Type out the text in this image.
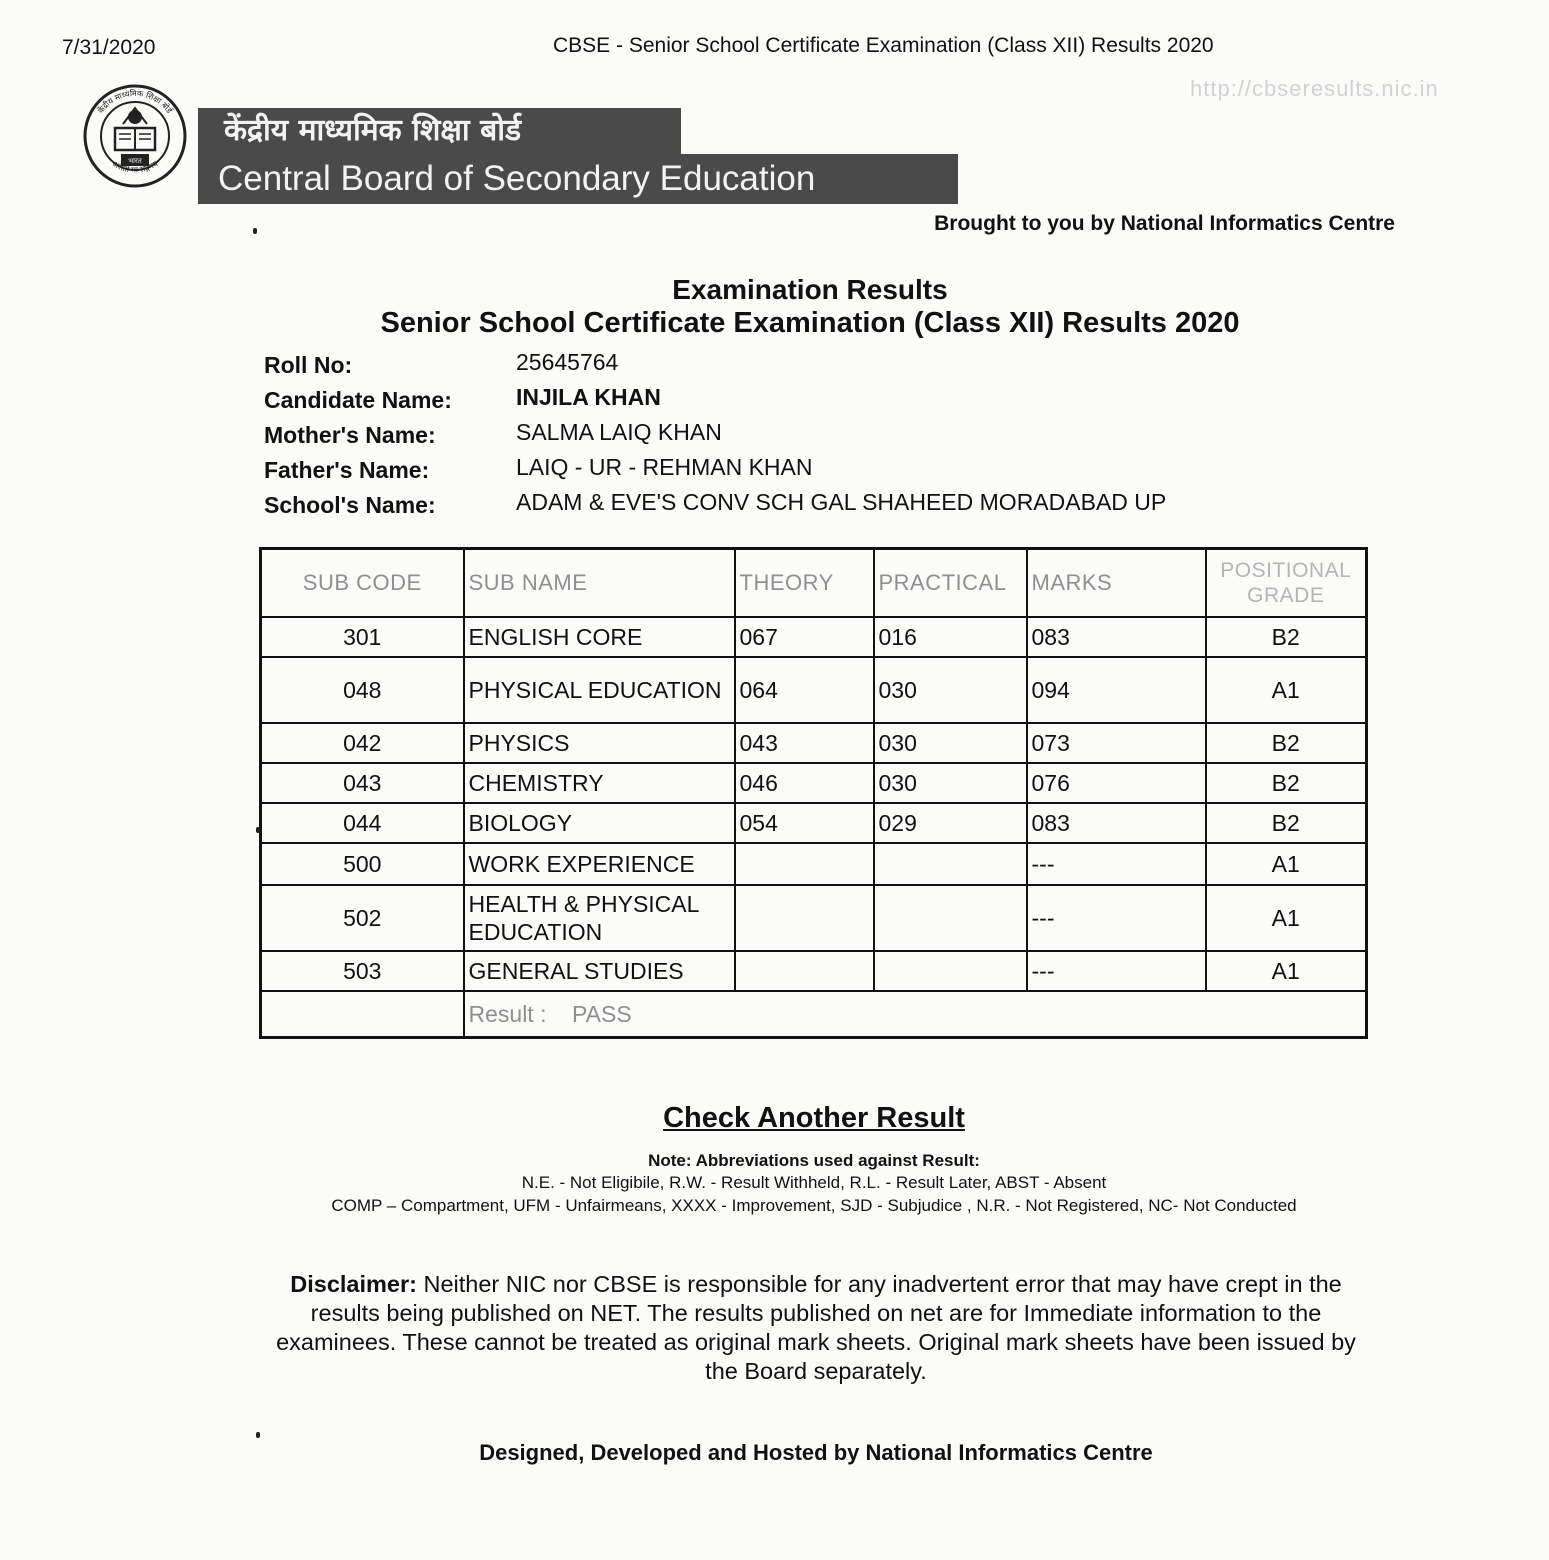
7/31/2020	CBSE - Senior School Certificate Examination (Class XII) Results 2020
http://cbseresults.nic.in
भारत
केंद्रीय माध्यमिक शिक्षा बोर्ड
असतो मा सद्गमय
केंद्रीय माध्यमिक शिक्षा बोर्ड
Central Board of Secondary Education
Brought to you by National Informatics Centre
Examination Results
Senior School Certificate Examination (Class XII) Results 2020
Roll No:	25645764
Candidate Name:	INJILA KHAN
Mother's Name:	SALMA LAIQ KHAN
Father's Name:	LAIQ - UR - REHMAN KHAN
School's Name:	ADAM & EVE'S CONV SCH GAL SHAHEED MORADABAD UP
SUB CODE	SUB NAME	THEORY	PRACTICAL	MARKS	POSITIONAL GRADE
301	ENGLISH CORE	067	016	083	B2
048	PHYSICAL EDUCATION	064	030	094	A1
042	PHYSICS	043	030	073	B2
043	CHEMISTRY	046	030	076	B2
044	BIOLOGY	054	029	083	B2
500	WORK EXPERIENCE			---	A1
502	HEALTH & PHYSICAL EDUCATION			---	A1
503	GENERAL STUDIES			---	A1
	Result : PASS				
Check Another Result
Note: Abbreviations used against Result:
N.E. - Not Eligibile, R.W. - Result Withheld, R.L. - Result Later, ABST - Absent
COMP – Compartment, UFM - Unfairmeans, XXXX - Improvement, SJD - Subjudice , N.R. - Not Registered, NC- Not Conducted
Disclaimer: Neither NIC nor CBSE is responsible for any inadvertent error that may have crept in the results being published on NET. The results published on net are for Immediate information to the examinees. These cannot be treated as original mark sheets. Original mark sheets have been issued by the Board separately.
Designed, Developed and Hosted by National Informatics Centre
